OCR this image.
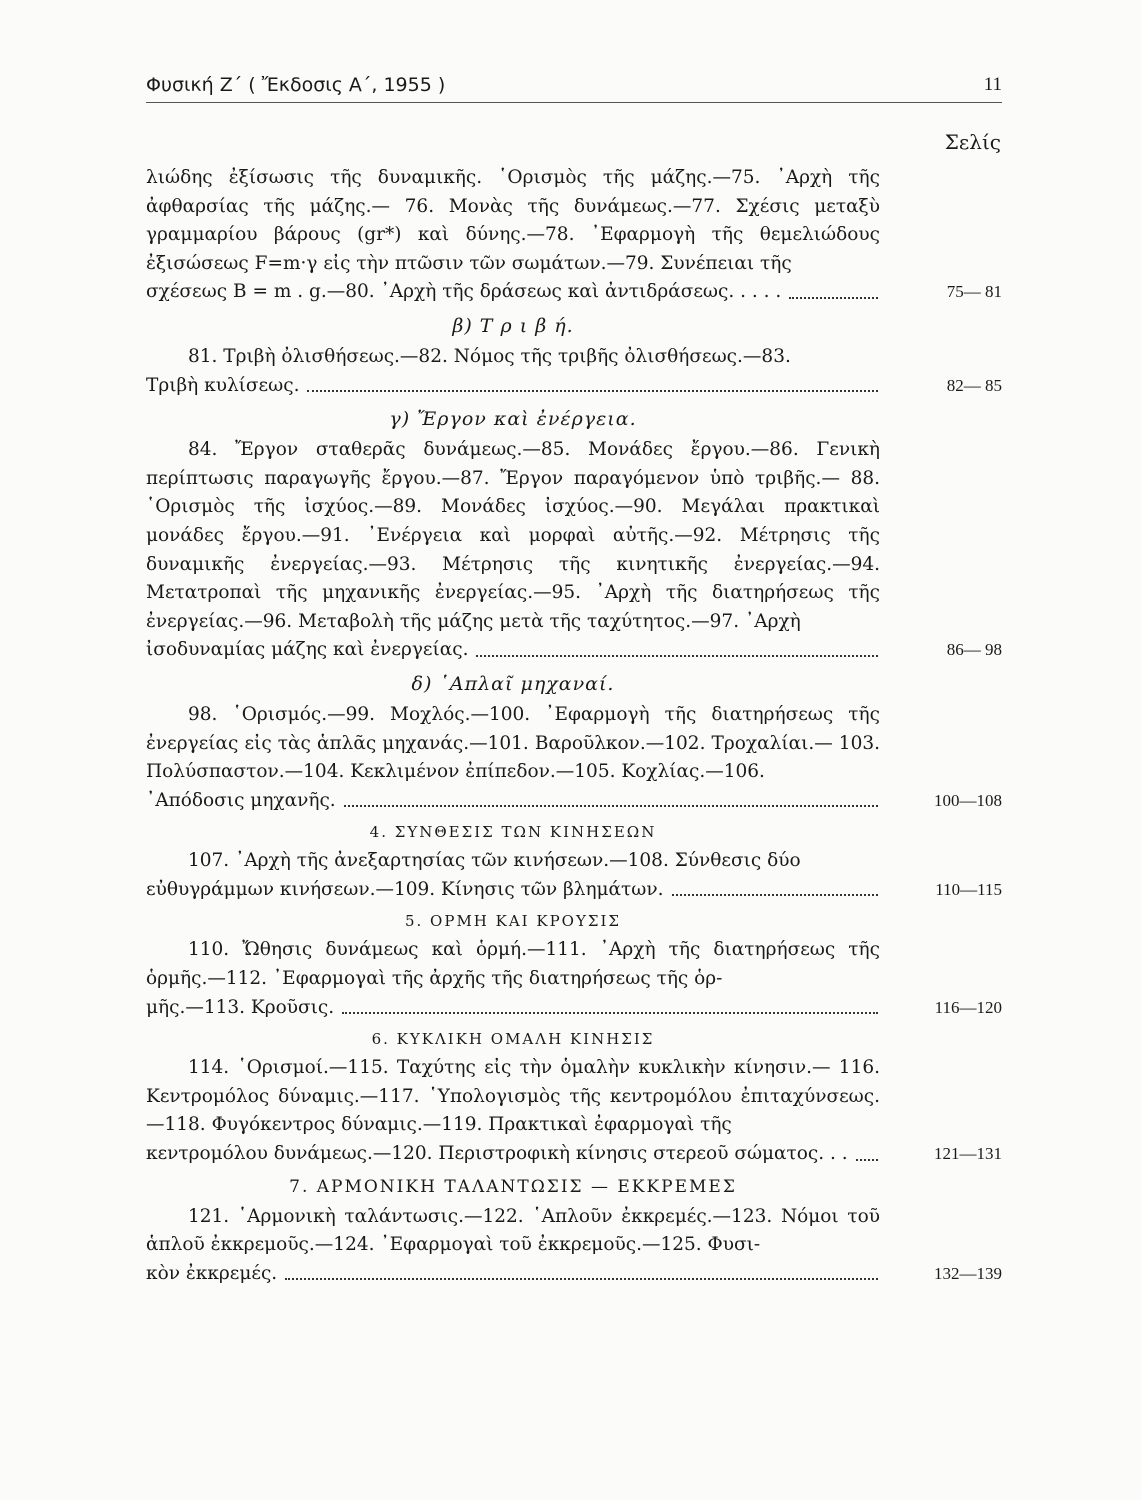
Φυσική Ζ΄ ( Ἔκδοσις Α΄, 1955 )	11
Σελίς
λιώδης ἐξίσωσις τῆς δυναμικῆς. ῾Ορισμὸς τῆς μάζης.—75. ᾿Αρχὴ τῆς ἀφθαρσίας τῆς μάζης.— 76. Μονὰς τῆς δυνάμεως.—77. Σχέσις μεταξὺ γραμμαρίου βάρους (gr*) καὶ δύνης.—78. ᾿Εφαρμογὴ τῆς θεμελιώδους ἐξισώσεως F=m·γ εἰς τὴν πτῶσιν τῶν σωμάτων.—79. Συνέπειαι τῆς
σχέσεως B = m . g.—80. ᾿Αρχὴ τῆς δράσεως καὶ ἀντιδράσεως. . . . .	75— 81
β) Τ ρ ι β ή.
81. Τριβὴ ὀλισθήσεως.—82. Νόμος τῆς τριβῆς ὀλισθήσεως.—83.
Τριβὴ κυλίσεως.	82— 85
γ) Ἔργον καὶ ἐνέργεια.
84. Ἔργον σταθερᾶς δυνάμεως.—85. Μονάδες ἔργου.—86. Γενικὴ περίπτωσις παραγωγῆς ἔργου.—87. Ἔργον παραγόμενον ὑπὸ τριβῆς.— 88. ῾Ορισμὸς τῆς ἰσχύος.—89. Μονάδες ἰσχύος.—90. Μεγάλαι πρακτικαὶ μονάδες ἔργου.—91. ᾿Ενέργεια καὶ μορφαὶ αὐτῆς.—92. Μέτρησις τῆς δυναμικῆς ἐνεργείας.—93. Μέτρησις τῆς κινητικῆς ἐνεργείας.—94. Μετατροπαὶ τῆς μηχανικῆς ἐνεργείας.—95. ᾿Αρχὴ τῆς διατηρήσεως τῆς ἐνεργείας.—96. Μεταβολὴ τῆς μάζης μετὰ τῆς ταχύτητος.—97. ᾿Αρχὴ
ἰσοδυναμίας μάζης καὶ ἐνεργείας.	86— 98
δ) ῾Απλαῖ μηχαναί.
98. ῾Ορισμός.—99. Μοχλός.—100. ᾿Εφαρμογὴ τῆς διατηρήσεως τῆς ἐνεργείας εἰς τὰς ἁπλᾶς μηχανάς.—101. Βαροῦλκον.—102. Τροχαλίαι.— 103. Πολύσπαστον.—104. Κεκλιμένον ἐπίπεδον.—105. Κοχλίας.—106.
᾿Απόδοσις μηχανῆς.	100—108
4. ΣΥΝΘΕΣΙΣ ΤΩΝ ΚΙΝΗΣΕΩΝ
107. ᾿Αρχὴ τῆς ἀνεξαρτησίας τῶν κινήσεων.—108. Σύνθεσις δύο
εὐθυγράμμων κινήσεων.—109. Κίνησις τῶν βλημάτων.	110—115
5. ΟΡΜΗ ΚΑΙ ΚΡΟΥΣΙΣ
110. Ὤθησις δυνάμεως καὶ ὁρμή.—111. ᾿Αρχὴ τῆς διατηρήσεως τῆς ὁρμῆς.—112. ᾿Εφαρμογαὶ τῆς ἀρχῆς τῆς διατηρήσεως τῆς ὁρ-
μῆς.—113. Κροῦσις.	116—120
6. ΚΥΚΛΙΚΗ ΟΜΑΛΗ ΚΙΝΗΣΙΣ
114. ῾Ορισμοί.—115. Ταχύτης εἰς τὴν ὁμαλὴν κυκλικὴν κίνησιν.— 116. Κεντρομόλος δύναμις.—117. ῾Υπολογισμὸς τῆς κεντρομόλου ἐπιταχύνσεως.—118. Φυγόκεντρος δύναμις.—119. Πρακτικαὶ ἐφαρμογαὶ τῆς
κεντρομόλου δυνάμεως.—120. Περιστροφικὴ κίνησις στερεοῦ σώματος. . .	121—131
7. ΑΡΜΟΝΙΚΗ ΤΑΛΑΝΤΩΣΙΣ — ΕΚΚΡΕΜΕΣ
121. ῾Αρμονικὴ ταλάντωσις.—122. ῾Απλοῦν ἐκκρεμές.—123. Νόμοι τοῦ ἁπλοῦ ἐκκρεμοῦς.—124. ᾿Εφαρμογαὶ τοῦ ἐκκρεμοῦς.—125. Φυσι-
κὸν ἐκκρεμές.	132—139
